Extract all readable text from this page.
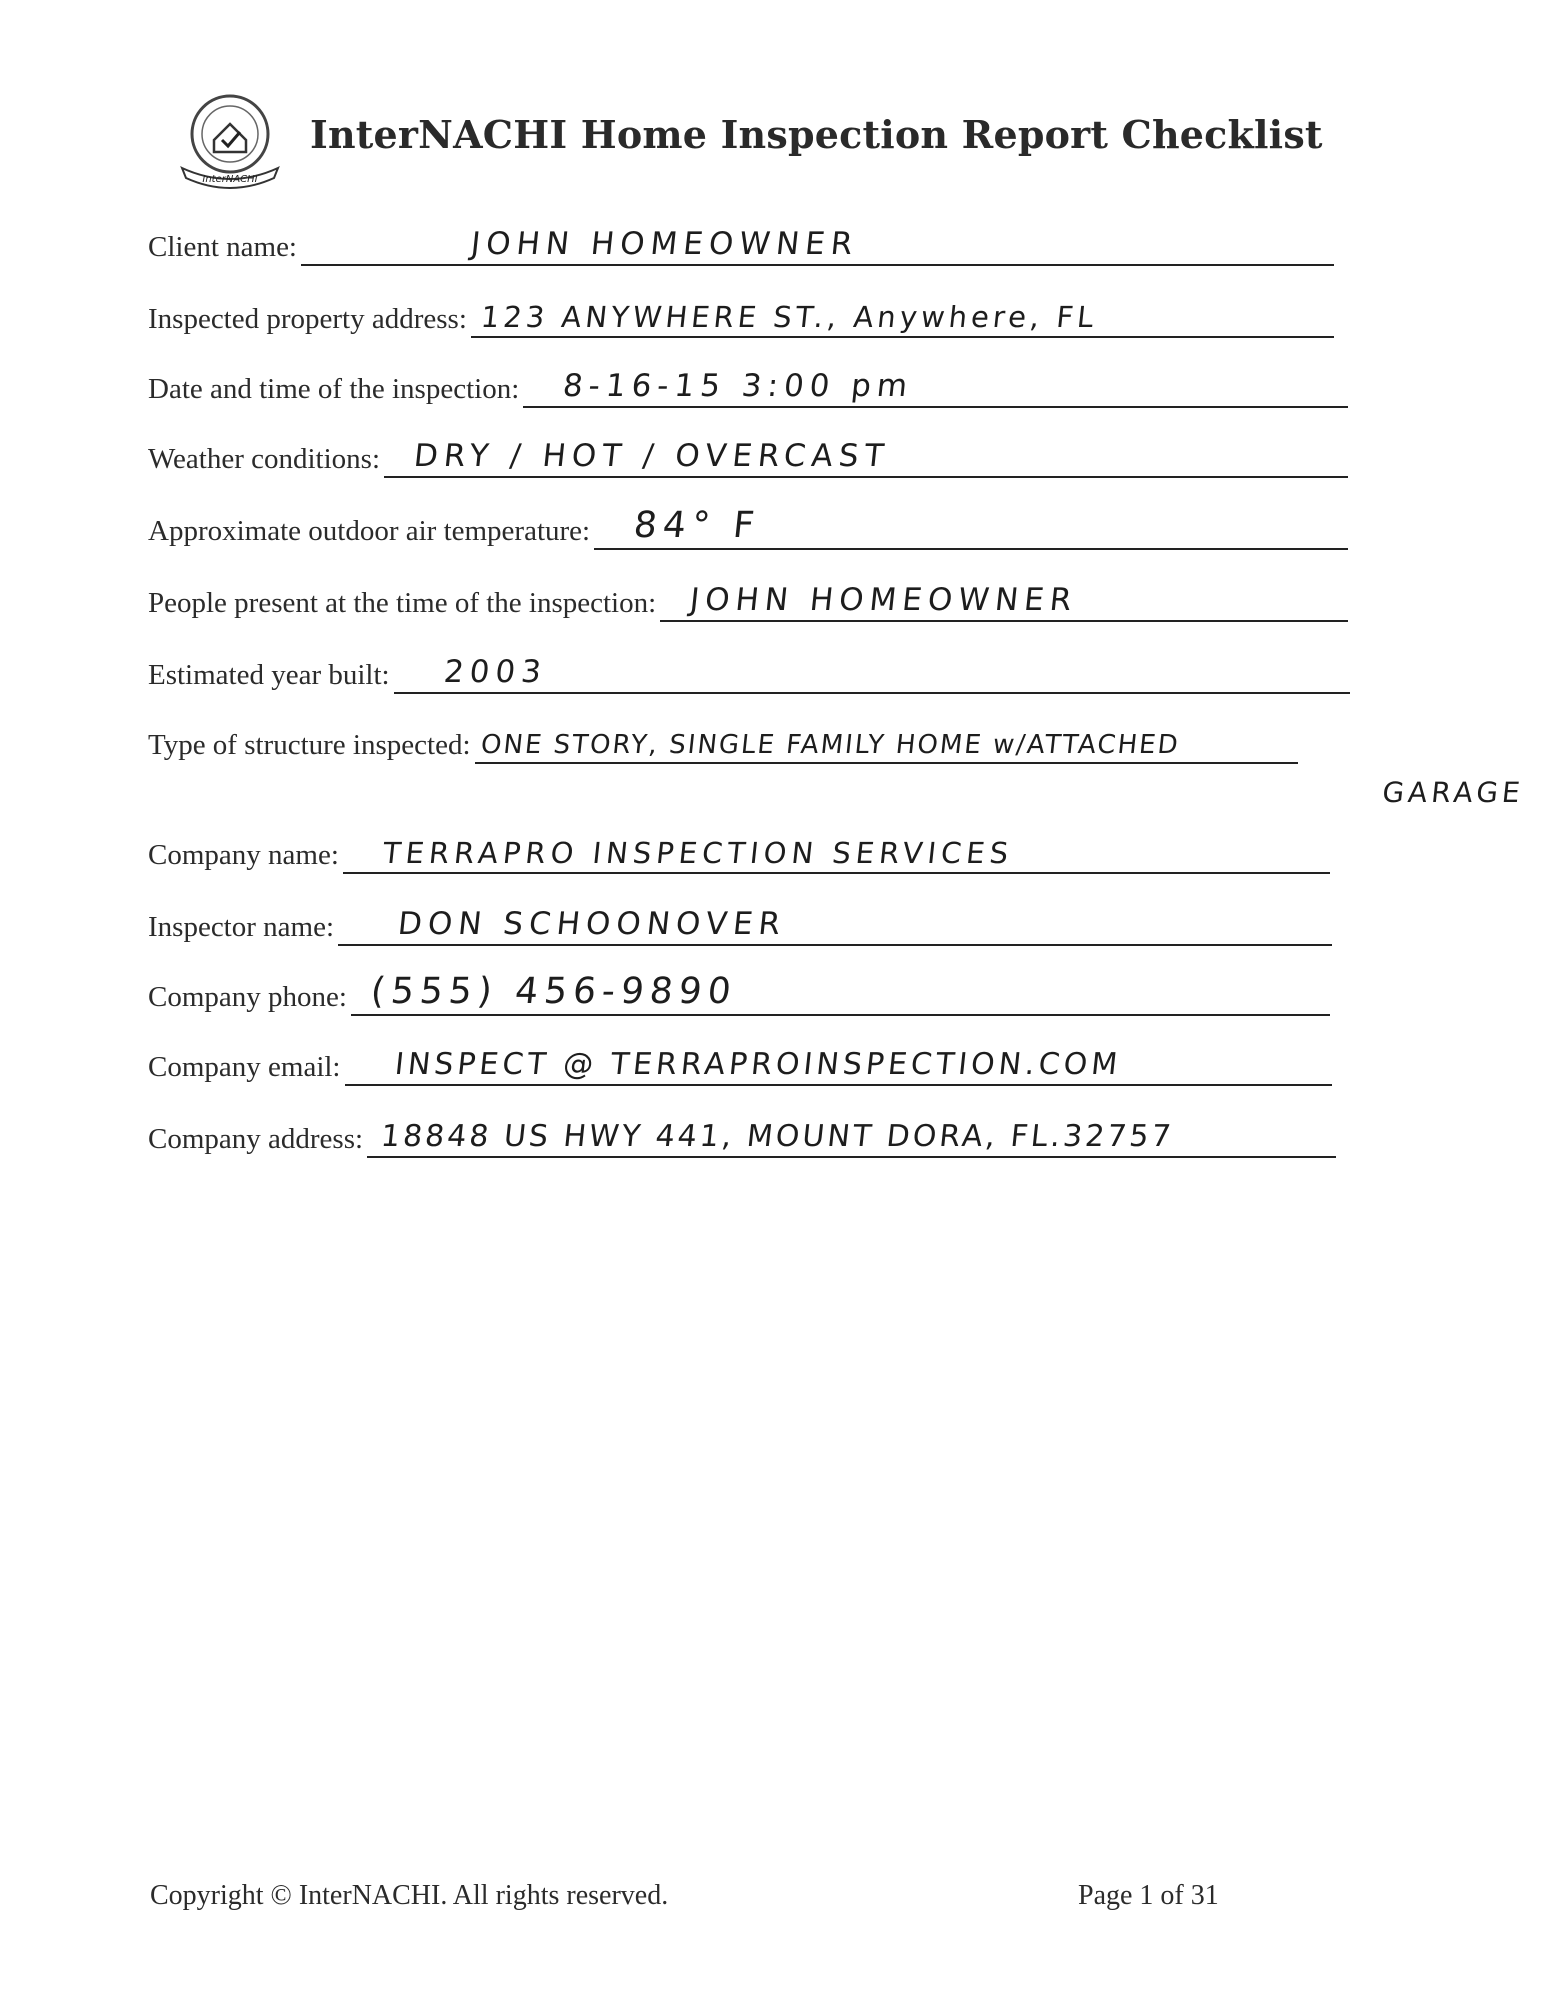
InterNACHI
InterNACHI Home Inspection Report Checklist
Client name:	JOHN HOMEOWNER
Inspected property address: 123 ANYWHERE ST., Anywhere, FL
Date and time of the inspection: 8-16-15 3:00 pm
Weather conditions: DRY / HOT / OVERCAST
Approximate outdoor air temperature: 84° F
People present at the time of the inspection: JOHN HOMEOWNER
Estimated year built: 2003
Type of structure inspected: ONE STORY, SINGLE FAMILY HOME w/ATTACHED
GARAGE
Company name: TERRAPRO INSPECTION SERVICES
Inspector name: DON SCHOONOVER
Company phone: (555) 456-9890
Company email: INSPECT @ TERRAPROINSPECTION.COM
Company address: 18848 US HWY 441, MOUNT DORA, FL.32757
Copyright © InterNACHI. All rights reserved.	Page 1 of 31
